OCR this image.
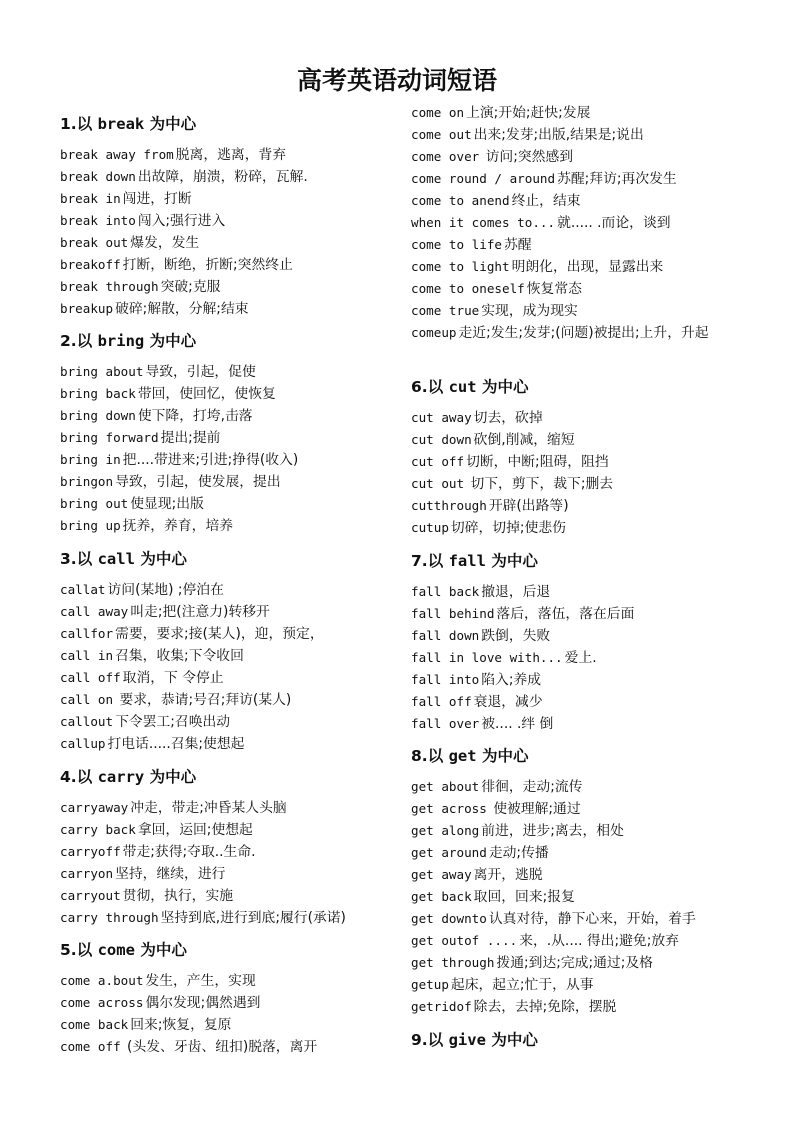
高考英语动词短语
1.以 break 为中心
break away from 脱离，逃离，背弃
break down 出故障，崩溃，粉碎，瓦解.
break in 闯进，打断
break into 闯入;强行进入
break out 爆发，发生
breakoff 打断，断绝，折断;突然终止
break through 突破;克服
breakup 破碎;解散，分解;结束
2.以 bring 为中心
bring about 导致，引起，促使
bring back 带回，使回忆，使恢复
bring down 使下降，打垮,击落
bring forward 提出;提前
bring in 把....带进来;引进;挣得(收入)
bringon 导致，引起，使发展，提出
bring out 使显现;出版
bring up 抚养，养育，培养
3.以 call 为中心
callat 访问(某地) ;停泊在
call away 叫走;把(注意力)转移开
callfor 需要，要求;接(某人)，迎，预定，
call in 召集，收集;下令收回
call off 取消，下 令停止
call on 要求，恭请;号召;拜访(某人)
callout 下令罢工;召唤出动
callup 打电话.....召集;使想起
4.以 carry 为中心
carryaway 冲走，带走;冲昏某人头脑
carry back 拿回，运回;使想起
carryoff 带走;获得;夺取..生命.
carryon 坚持，继续，进行
carryout 贯彻，执行，实施
carry through 坚持到底,进行到底;履行(承诺)
5.以 come 为中心
come a.bout 发生，产生，实现
come across 偶尔发现;偶然遇到
come back 回来;恢复，复原
come off (头发、牙齿、纽扣)脱落，离开
come on 上演;开始;赶快;发展
come out 出来;发芽;出版,结果是;说出
come over 访问;突然感到
come round / around 苏醒;拜访;再次发生
come to anend 终止，结束
when it comes to... 就..... .而论，谈到
come to life 苏醒
come to light 明朗化，出现，显露出来
come to oneself 恢复常态
come true 实现，成为现实
comeup 走近;发生;发芽;(问题)被提出;上升，升起
6.以 cut 为中心
cut away 切去，砍掉
cut down 砍倒,削减，缩短
cut off 切断，中断;阻碍，阻挡
cut out 切下，剪下，裁下;删去
cutthrough 开辟(出路等)
cutup 切碎，切掉;使悲伤
7.以 fall 为中心
fall back 撤退，后退
fall behind 落后，落伍，落在后面
fall down 跌倒，失败
fall in love with... 爱上.
fall into 陷入;养成
fall off 衰退，减少
fall over 被.... .绊 倒
8.以 get 为中心
get about 徘徊，走动;流传
get across 使被理解;通过
get along 前进，进步;离去，相处
get around 走动;传播
get away 离开，逃脱
get back 取回，回来;报复
get downto 认真对待，静下心来，开始，着手
get outof .... 来，.从.... 得出;避免;放弃
get through 拨通;到达;完成;通过;及格
getup 起床，起立;忙于，从事
getridof 除去，去掉;免除，摆脱
9.以 give 为中心
